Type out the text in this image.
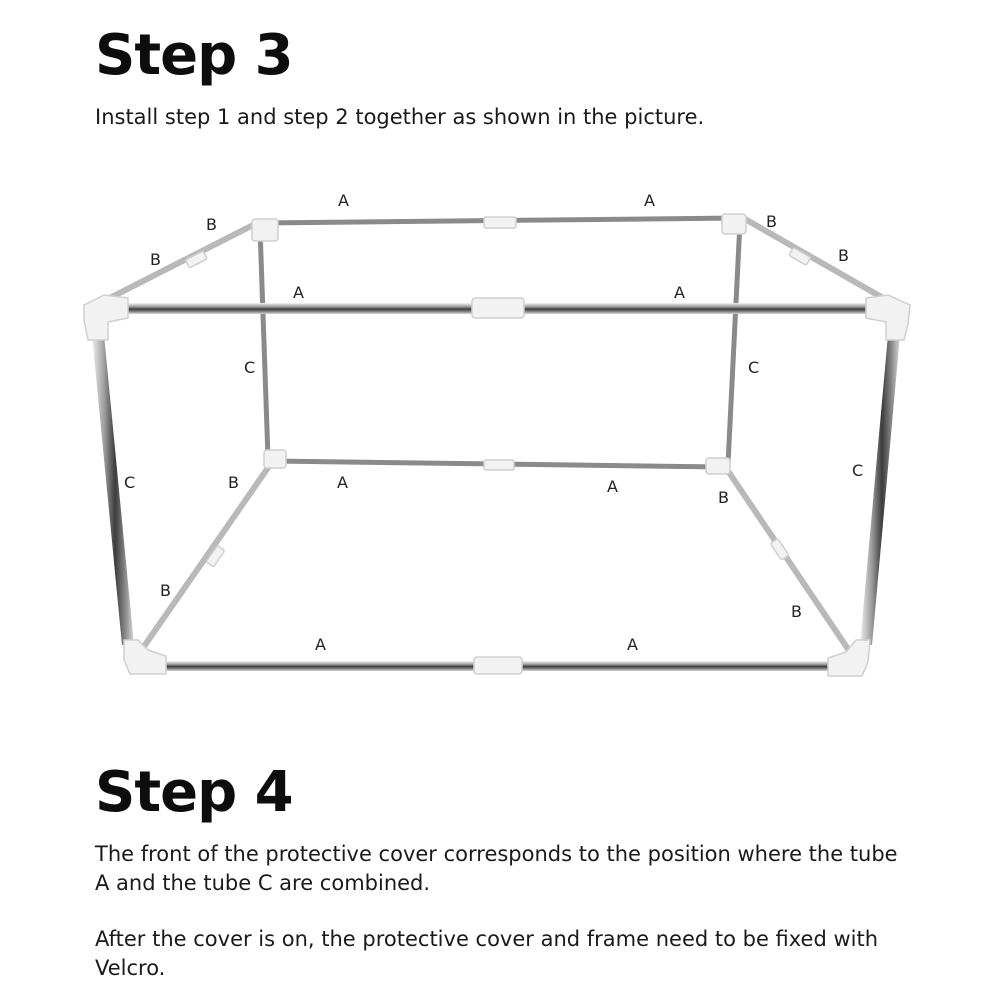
Step 3

Install step 1 and step 2 together as shown in the picture.

A	A
A	A
A	A
A	A
B
B
B
B
B
B
B
B
C	C
C
C
Step 4

The front of the protective cover corresponds to the position where the tube A and the tube C are combined.

After the cover is on, the protective cover and frame need to be fixed with Velcro.
